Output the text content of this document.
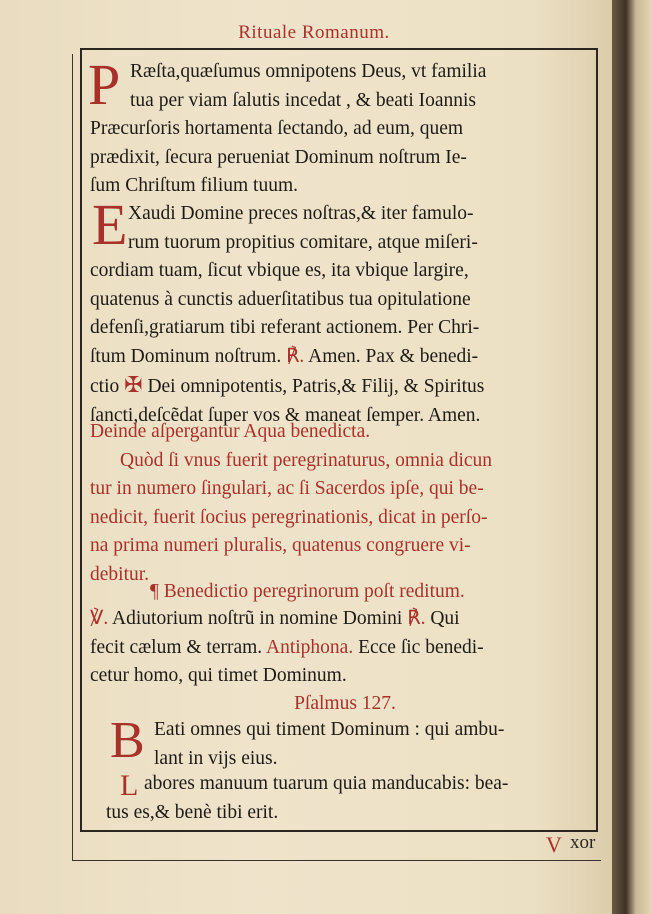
Rituale Romanum.
P Ræſta,quæſumus omnipotens Deus, vt familia
tua per viam ſalutis incedat , & beati Ioannis
Præcurſoris hortamenta ſectando, ad eum, quem
prædixit, ſecura perueniat Dominum noſtrum Ie-
ſum Chriſtum filium tuum.
E Xaudi Domine preces noſtras,& iter famulo-
rum tuorum propitius comitare, atque miſeri-
cordiam tuam, ſicut vbique es, ita vbique largire,
quatenus à cunctis aduerſitatibus tua opitulatione
defenſi,gratiarum tibi referant actionem. Per Chri-
ſtum Dominum noſtrum. ℟. Amen. Pax & benedi-
ctio ✠ Dei omnipotentis, Patris,& Filij, & Spiritus
ſancti,deſcẽdat ſuper vos & maneat ſemper. Amen.
Deinde aſpergantur Aqua benedicta.
Quòd ſi vnus fuerit peregrinaturus, omnia dicun
tur in numero ſingulari, ac ſi Sacerdos ipſe, qui be-
nedicit, fuerit ſocius peregrinationis, dicat in perſo-
na prima numeri pluralis, quatenus congruere vi-
debitur.
¶ Benedictio peregrinorum poſt reditum.
℣. Adiutorium noſtrũ in nomine Domini ℟. Qui
fecit cælum & terram. Antiphona. Ecce ſic benedi-
cetur homo, qui timet Dominum.
Pſalmus 127.
B Eati omnes qui timent Dominum : qui ambu-
lant in vijs eius.
L abores manuum tuarum quia manducabis: bea-
tus es,& benè tibi erit.
V xor
